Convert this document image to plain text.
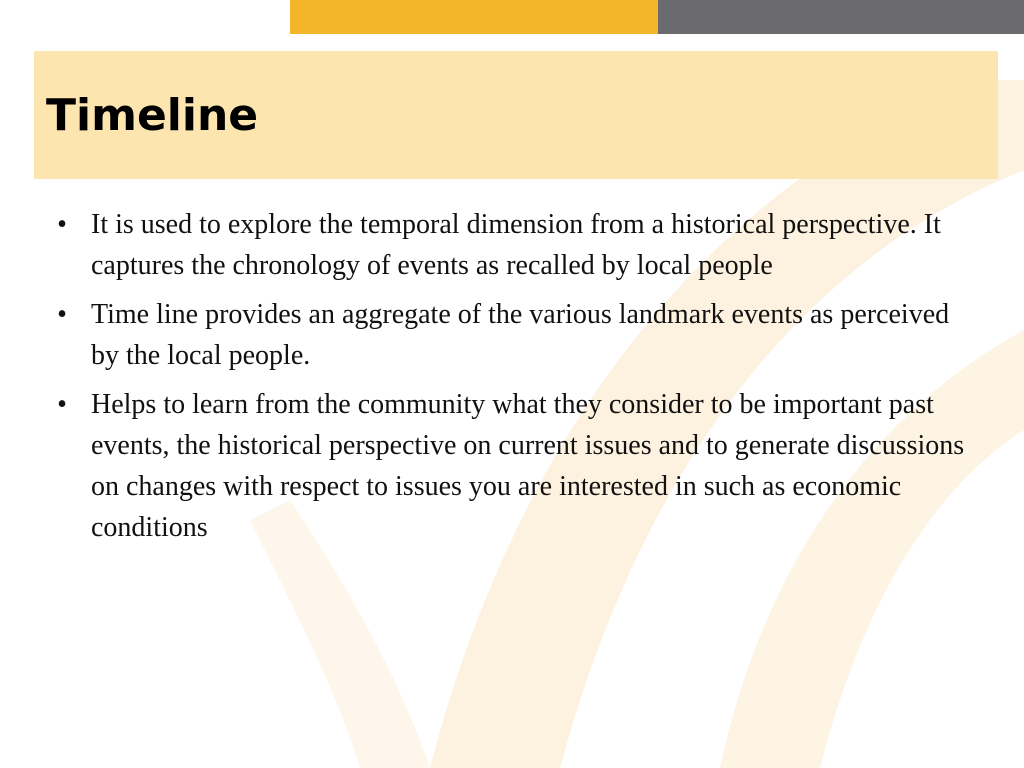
Timeline
• It is used to explore the temporal dimension from a historical perspective. It captures the chronology of events as recalled by local people
• Time line provides an aggregate of the various landmark events as perceived by the local people.
• Helps to learn from the community what they consider to be important past events, the historical perspective on current issues and to generate discussions on changes with respect to issues you are interested in such as economic conditions
